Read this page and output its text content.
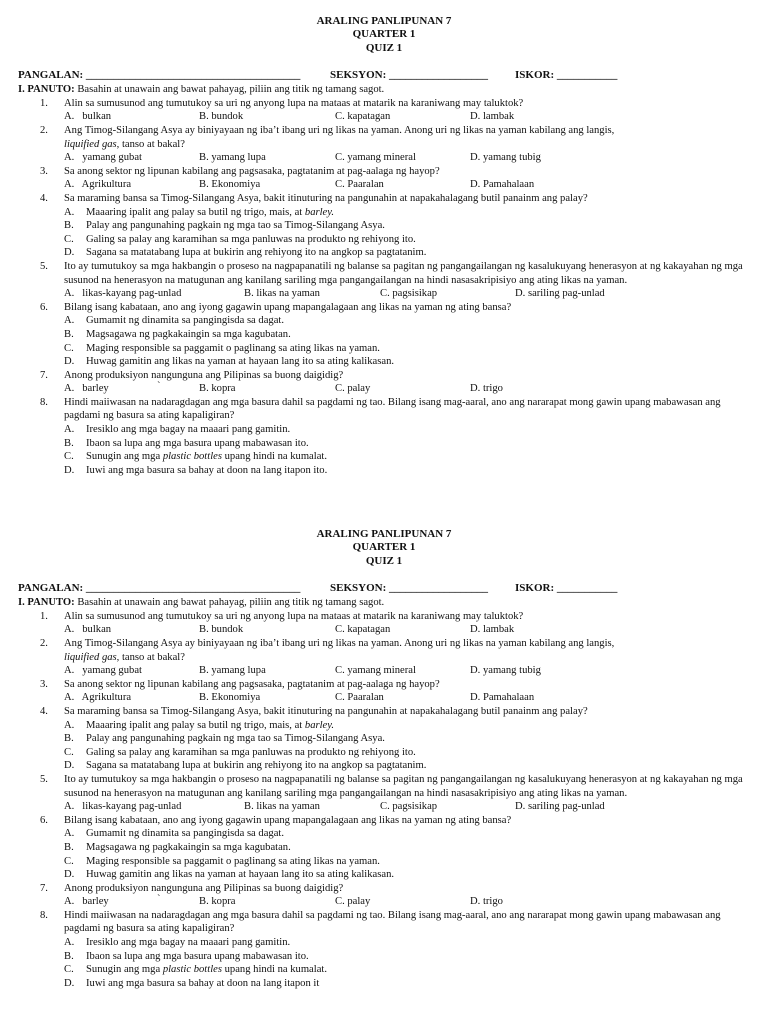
ARALING PANLIPUNAN 7
QUARTER 1
QUIZ 1
PANGALAN: _______________________________________	SEKSYON: __________________ ISKOR: ___________
I. PANUTO: Basahin at unawain ang bawat pahayag, piliin ang titik ng tamang sagot.
1. Alin sa sumusunod ang tumutukoy sa uri ng anyong lupa na mataas at matarik na karaniwang may taluktok?
A.   bulkan	B. bundok	C. kapatagan	D. lambak
2. Ang Timog-Silangang Asya ay biniyayaan ng iba’t ibang uri ng likas na yaman. Anong uri ng likas na yaman kabilang ang langis,
liquified gas, tanso at bakal?
A.   yamang gubat	B. yamang lupa	C. yamang mineral	D. yamang tubig
3. Sa anong sektor ng lipunan kabilang ang pagsasaka, pagtatanim at pag-aalaga ng hayop?
A.   Agrikultura	B. Ekonomiya	C. Paaralan	D. Pamahalaan
4. Sa maraming bansa sa Timog-Silangang Asya, bakit itinuturing na pangunahin at napakahalagang butil panainm ang palay?
A. Maaaring ipalit ang palay sa butil ng trigo, mais, at barley.
B. Palay ang pangunahing pagkain ng mga tao sa Timog-Silangang Asya.
C. Galing sa palay ang karamihan sa mga panluwas na produkto ng rehiyong ito.
D. Sagana sa matatabang lupa at bukirin ang rehiyong ito na angkop sa pagtatanim.
5. Ito ay tumutukoy sa mga hakbangin o proseso na nagpapanatili ng balanse sa pagitan ng pangangailangan ng kasalukuyang henerasyon at ng kakayahan ng mga susunod na henerasyon na matugunan ang kanilang sariling mga pangangailangan na hindi nasasakripisiyo ang ating likas na yaman.
A.   likas-kayang pag-unlad	B. likas na yaman	C. pagsisikap	D. sariling pag-unlad
6. Bilang isang kabataan, ano ang iyong gagawin upang mapangalagaan ang likas na yaman ng ating bansa?
A. Gumamit ng dinamita sa pangingisda sa dagat.
B. Magsagawa ng pagkakaingin sa mga kagubatan.
C. Maging responsible sa paggamit o paglinang sa ating likas na yaman.
D. Huwag gamitin ang likas na yaman at hayaan lang ito sa ating kalikasan.
7. Anong produksiyon nangunguna ang Pilipinas sa buong daigidig?
A.   barley	B. kopra	C. palay	D. trigo
`
8. Hindi maiiwasan na nadaragdagan ang mga basura dahil sa pagdami ng tao. Bilang isang mag-aaral, ano ang nararapat mong gawin upang mabawasan ang pagdami ng basura sa ating kapaligiran?
A. Iresiklo ang mga bagay na maaari pang gamitin.
B. Ibaon sa lupa ang mga basura upang mabawasan ito.
C. Sunugin ang mga plastic bottles upang hindi na kumalat.
D. Iuwi ang mga basura sa bahay at doon na lang itapon ito.
ARALING PANLIPUNAN 7
QUARTER 1
QUIZ 1
PANGALAN: _______________________________________	SEKSYON: __________________ ISKOR: ___________
I. PANUTO: Basahin at unawain ang bawat pahayag, piliin ang titik ng tamang sagot.
1. Alin sa sumusunod ang tumutukoy sa uri ng anyong lupa na mataas at matarik na karaniwang may taluktok?
A.   bulkan	B. bundok	C. kapatagan	D. lambak
2. Ang Timog-Silangang Asya ay biniyayaan ng iba’t ibang uri ng likas na yaman. Anong uri ng likas na yaman kabilang ang langis,
liquified gas, tanso at bakal?
A.   yamang gubat	B. yamang lupa	C. yamang mineral	D. yamang tubig
3. Sa anong sektor ng lipunan kabilang ang pagsasaka, pagtatanim at pag-aalaga ng hayop?
A.   Agrikultura	B. Ekonomiya	C. Paaralan	D. Pamahalaan
4. Sa maraming bansa sa Timog-Silangang Asya, bakit itinuturing na pangunahin at napakahalagang butil panainm ang palay?
A. Maaaring ipalit ang palay sa butil ng trigo, mais, at barley.
B. Palay ang pangunahing pagkain ng mga tao sa Timog-Silangang Asya.
C. Galing sa palay ang karamihan sa mga panluwas na produkto ng rehiyong ito.
D. Sagana sa matatabang lupa at bukirin ang rehiyong ito na angkop sa pagtatanim.
5. Ito ay tumutukoy sa mga hakbangin o proseso na nagpapanatili ng balanse sa pagitan ng pangangailangan ng kasalukuyang henerasyon at ng kakayahan ng mga susunod na henerasyon na matugunan ang kanilang sariling mga pangangailangan na hindi nasasakripisiyo ang ating likas na yaman.
A.   likas-kayang pag-unlad	B. likas na yaman	C. pagsisikap	D. sariling pag-unlad
6. Bilang isang kabataan, ano ang iyong gagawin upang mapangalagaan ang likas na yaman ng ating bansa?
A. Gumamit ng dinamita sa pangingisda sa dagat.
B. Magsagawa ng pagkakaingin sa mga kagubatan.
C. Maging responsible sa paggamit o paglinang sa ating likas na yaman.
D. Huwag gamitin ang likas na yaman at hayaan lang ito sa ating kalikasan.
7. Anong produksiyon nangunguna ang Pilipinas sa buong daigidig?
A.   barley	B. kopra	C. palay	D. trigo
`
8. Hindi maiiwasan na nadaragdagan ang mga basura dahil sa pagdami ng tao. Bilang isang mag-aaral, ano ang nararapat mong gawin upang mabawasan ang pagdami ng basura sa ating kapaligiran?
A. Iresiklo ang mga bagay na maaari pang gamitin.
B. Ibaon sa lupa ang mga basura upang mabawasan ito.
C. Sunugin ang mga plastic bottles upang hindi na kumalat.
D. Iuwi ang mga basura sa bahay at doon na lang itapon it
